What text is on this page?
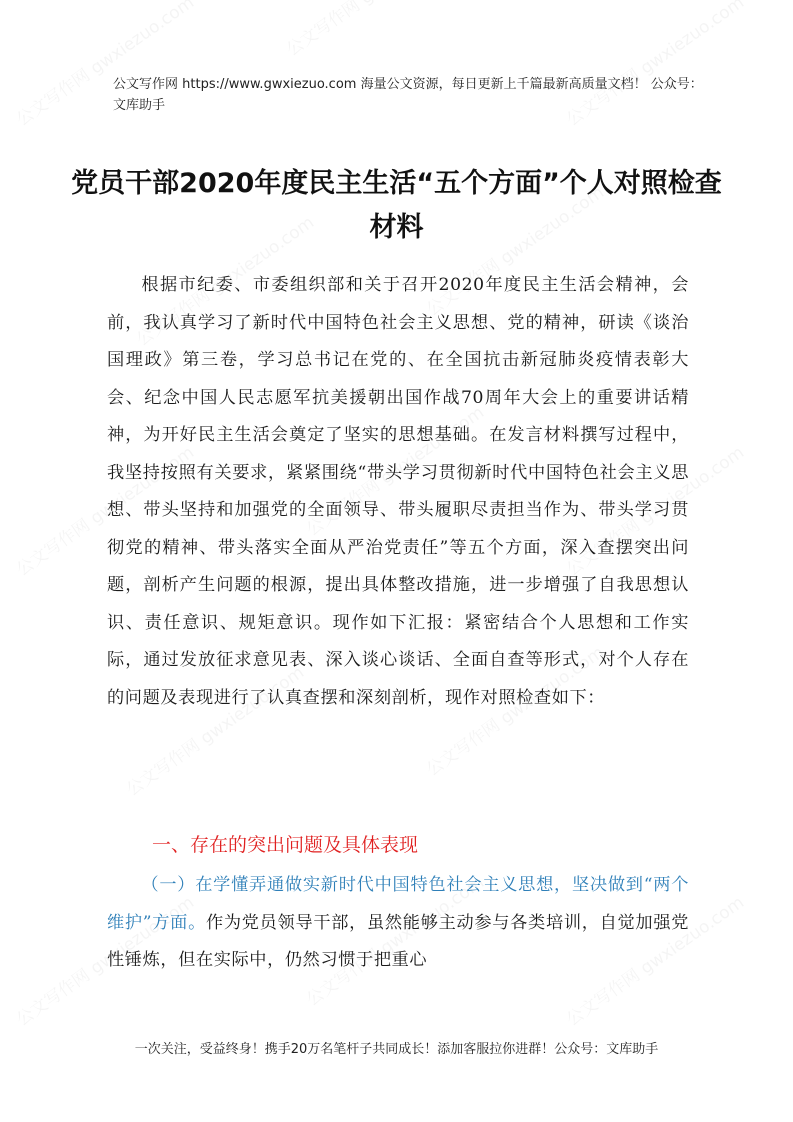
公文写作网 https://www.gwxiezuo.com 海量公文资源，每日更新上千篇最新高质量文档！ 公众号：文库助手
党员干部2020年度民主生活“五个方面”个人对照检查材料
根据市纪委、市委组织部和关于召开2020年度民主生活会精神，会前，我认真学习了新时代中国特色社会主义思想、党的精神，研读《谈治国理政》第三卷，学习总书记在党的、在全国抗击新冠肺炎疫情表彰大会、纪念中国人民志愿军抗美援朝出国作战70周年大会上的重要讲话精神，为开好民主生活会奠定了坚实的思想基础。在发言材料撰写过程中，我坚持按照有关要求，紧紧围绕“带头学习贯彻新时代中国特色社会主义思想、带头坚持和加强党的全面领导、带头履职尽责担当作为、带头学习贯彻党的精神、带头落实全面从严治党责任”等五个方面，深入查摆突出问题，剖析产生问题的根源，提出具体整改措施，进一步增强了自我思想认识、责任意识、规矩意识。现作如下汇报：紧密结合个人思想和工作实际，通过发放征求意见表、深入谈心谈话、全面自查等形式，对个人存在的问题及表现进行了认真查摆和深刻剖析，现作对照检查如下：
一、存在的突出问题及具体表现
（一）在学懂弄通做实新时代中国特色社会主义思想，坚决做到“两个维护”方面。作为党员领导干部，虽然能够主动参与各类培训，自觉加强党性锤炼，但在实际中，仍然习惯于把重心
一次关注，受益终身！携手20万名笔杆子共同成长！添加客服拉你进群！公众号：文库助手
